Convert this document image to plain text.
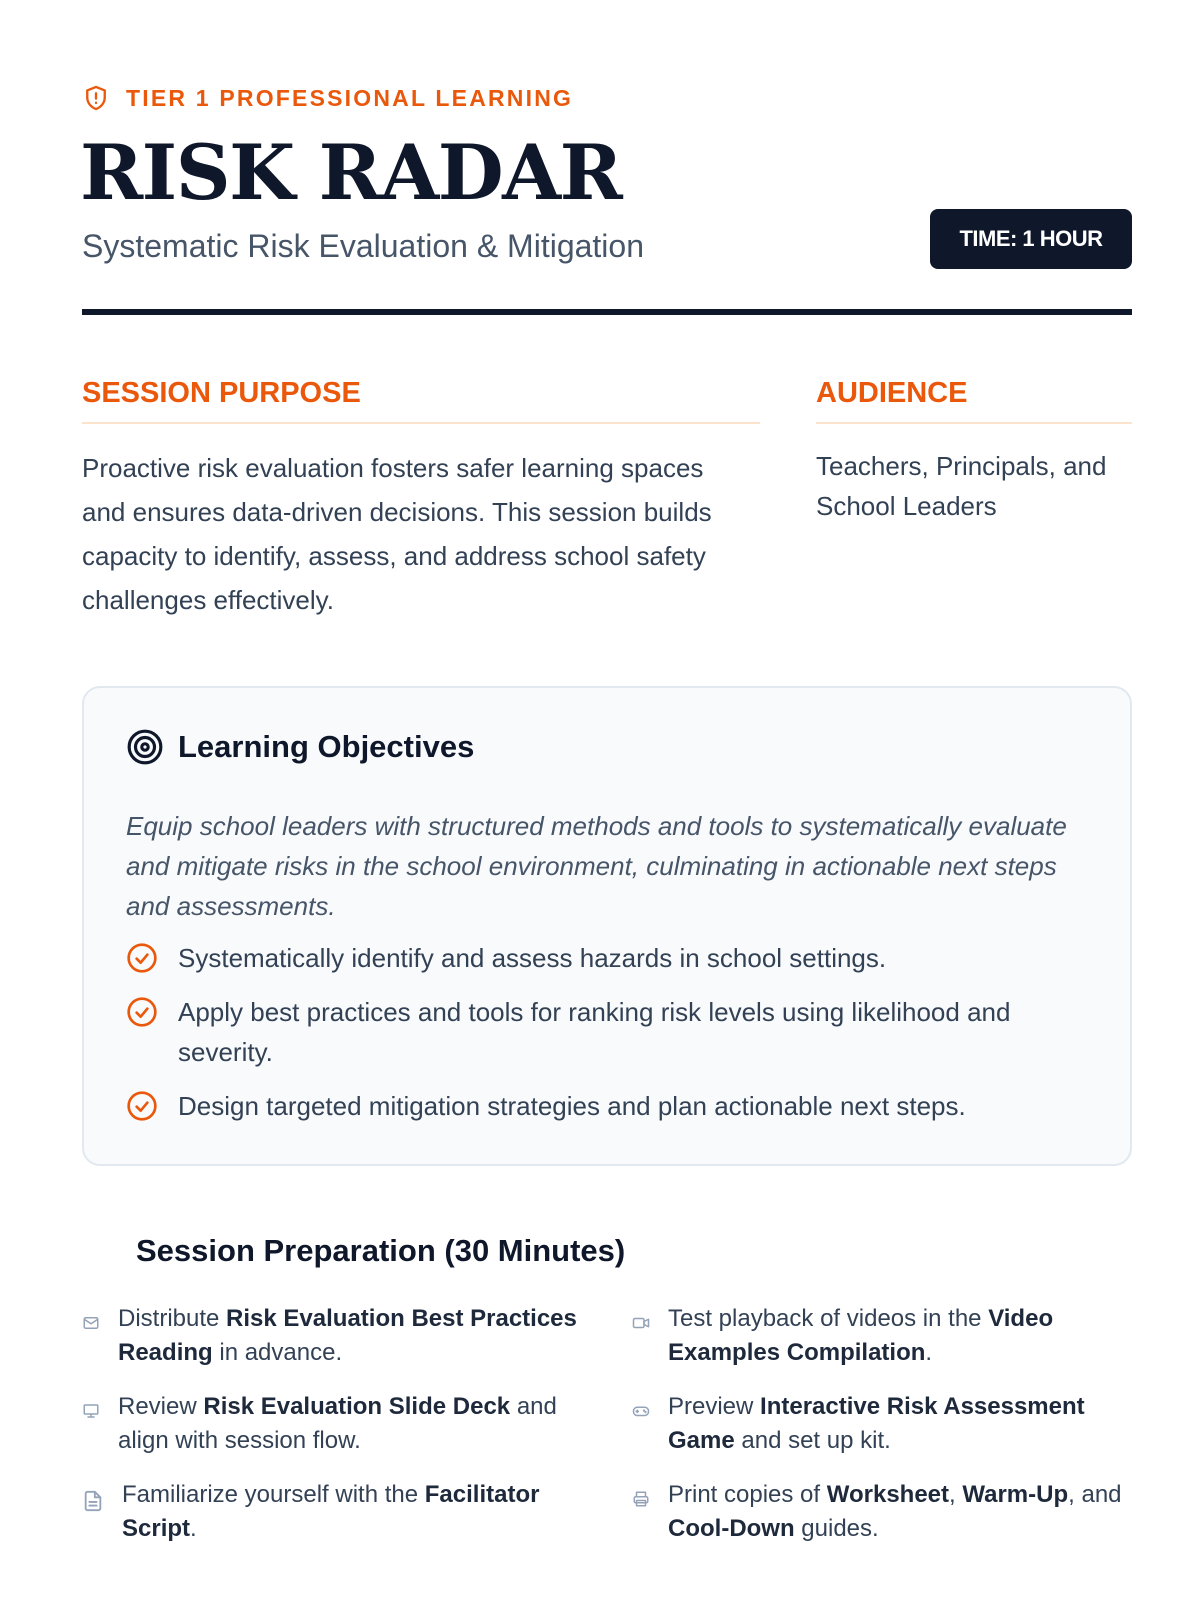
TIER 1 PROFESSIONAL LEARNING
RISK RADAR
Systematic Risk Evaluation & Mitigation	TIME: 1 HOUR
SESSION PURPOSE

Proactive risk evaluation fosters safer learning spaces and ensures data-driven decisions. This session builds capacity to identify, assess, and address school safety challenges effectively.

AUDIENCE

Teachers, Principals, and School Leaders

Learning Objectives

Equip school leaders with structured methods and tools to systematically evaluate and mitigate risks in the school environment, culminating in actionable next steps and assessments.

Systematically identify and assess hazards in school settings.
Apply best practices and tools for ranking risk levels using likelihood and severity.
Design targeted mitigation strategies and plan actionable next steps.
Session Preparation (30 Minutes)

Distribute Risk Evaluation Best Practices Reading in advance.

Test playback of videos in the Video Examples Compilation.

Review Risk Evaluation Slide Deck and align with session flow.

Preview Interactive Risk Assessment Game and set up kit.

Familiarize yourself with the Facilitator Script.

Print copies of Worksheet, Warm-Up, and Cool-Down guides.
